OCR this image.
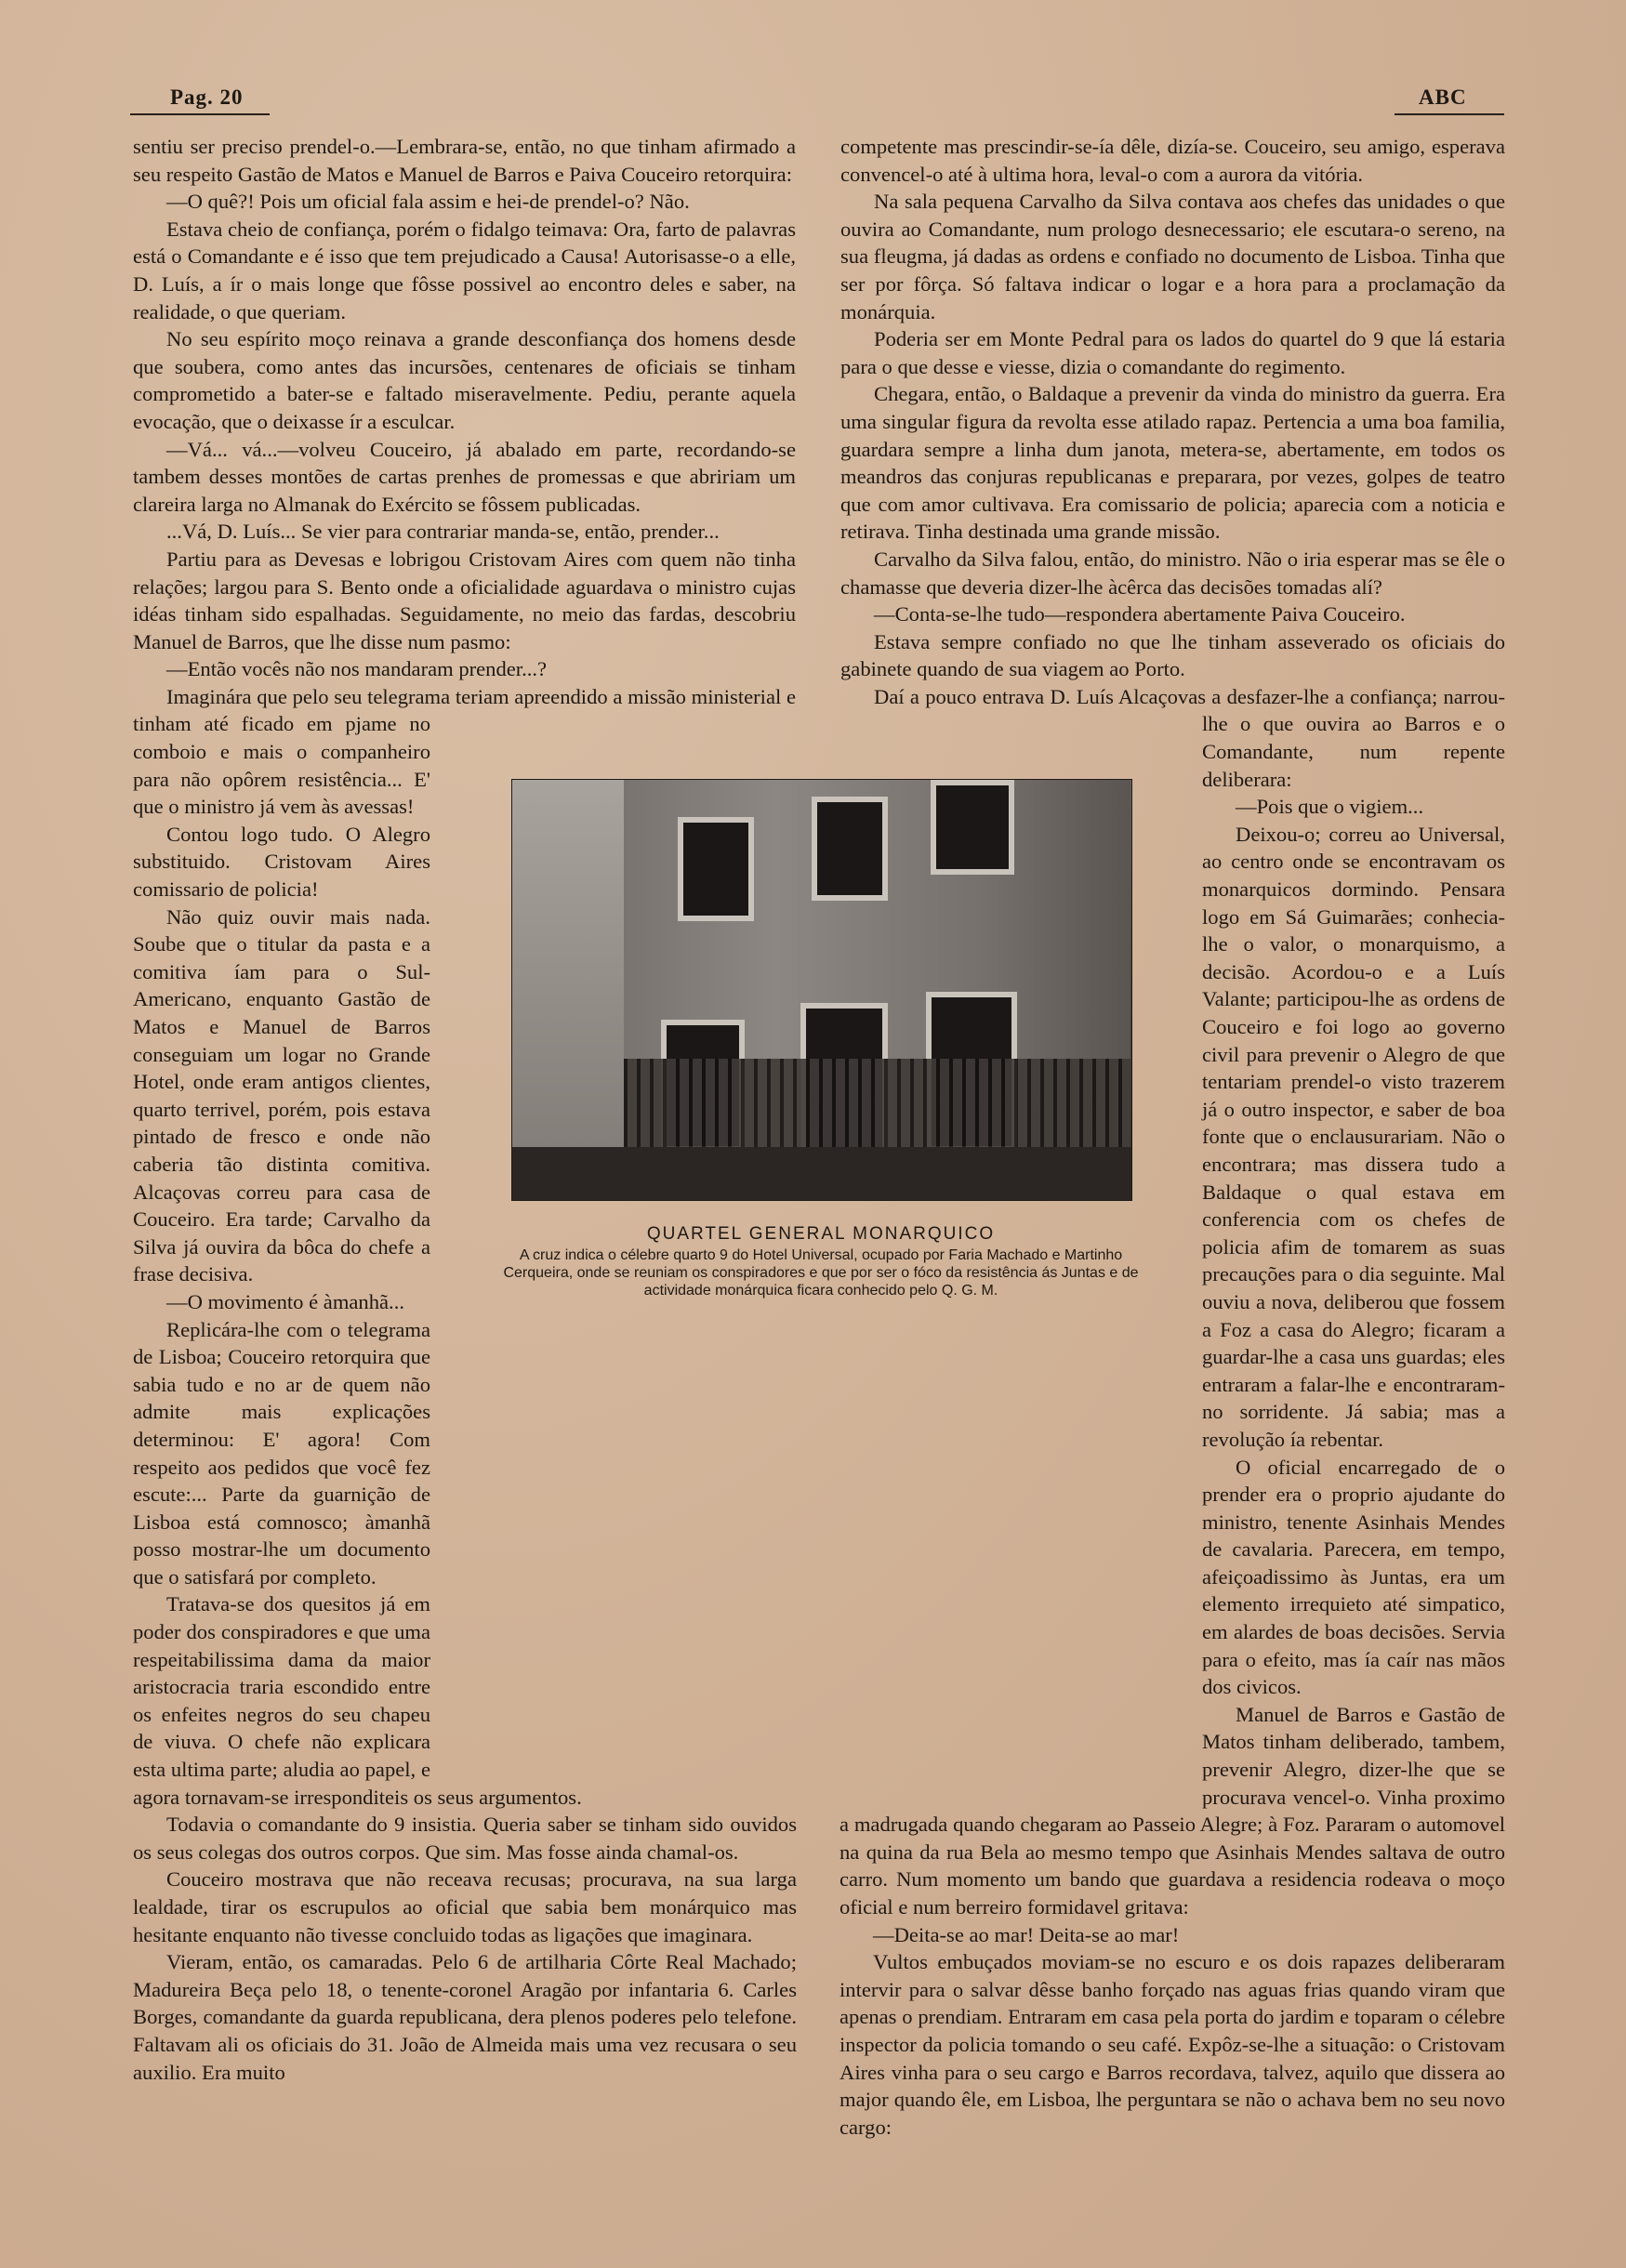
Pag. 20	ABC

sentiu ser preciso prendel-o.—Lembrara-se, então, no que tinham afirmado a seu respeito Gastão de Matos e Manuel de Barros e Paiva Couceiro retorquira:

—O quê?! Pois um oficial fala assim e hei-de prendel-o? Não.

Estava cheio de confiança, porém o fidalgo teimava: Ora, farto de palavras está o Comandante e é isso que tem prejudicado a Causa! Autorisasse-o a elle, D. Luís, a ír o mais longe que fôsse possivel ao encontro deles e saber, na realidade, o que queriam.

No seu espírito moço reinava a grande desconfiança dos homens desde que soubera, como antes das incursões, centenares de oficiais se tinham comprometido a bater-se e faltado miseravelmente. Pediu, perante aquela evocação, que o deixasse ír a esculcar.

—Vá... vá...—volveu Couceiro, já abalado em parte, recordando-se tambem desses montões de cartas prenhes de promessas e que abririam um clareira larga no Almanak do Exército se fôssem publicadas.

...Vá, D. Luís... Se vier para contrariar manda-se, então, prender...

Partiu para as Devesas e lobrigou Cristovam Aires com quem não tinha relações; largou para S. Bento onde a oficialidade aguardava o ministro cujas idéas tinham sido espalhadas. Seguidamente, no meio das fardas, descobriu Manuel de Barros, que lhe disse num pasmo:

—Então vocês não nos mandaram prender...?

Imaginára que pelo seu telegrama teriam apreendido a missão ministerial e tinham até ficado em pjame no comboio e mais o companheiro para não opôrem resistência... E' que o ministro já vem às avessas!

Contou logo tudo. O Alegro substituido. Cristovam Aires comissario de policia!

Não quiz ouvir mais nada. Soube que o titular da pasta e a comitiva íam para o Sul-Americano, enquanto Gastão de Matos e Manuel de Barros conseguiam um logar no Grande Hotel, onde eram antigos clientes, quarto terrivel, porém, pois estava pintado de fresco e onde não caberia tão distinta comitiva. Alcaçovas correu para casa de Couceiro. Era tarde; Carvalho da Silva já ouvira da bôca do chefe a frase decisiva.

—O movimento é àmanhã...

Replicára-lhe com o telegrama de Lisboa; Couceiro retorquira que sabia tudo e no ar de quem não admite mais explicações determinou: E' agora! Com respeito aos pedidos que você fez escute:... Parte da guarnição de Lisboa está comnosco; àmanhã posso mostrar-lhe um documento que o satisfará por completo.

Tratava-se dos quesitos já em poder dos conspiradores e que uma respeitabilissima dama da maior aristocracia traria escondido entre os enfeites negros do seu chapeu de viuva. O chefe não explicara esta ultima parte; aludia ao papel, e agora tornavam-se irresponditeis os seus argumentos.

Todavia o comandante do 9 insistia. Queria saber se tinham sido ouvidos os seus colegas dos outros corpos. Que sim. Mas fosse ainda chamal-os.

Couceiro mostrava que não receava recusas; procurava, na sua larga lealdade, tirar os escrupulos ao oficial que sabia bem monárquico mas hesitante enquanto não tivesse concluido todas as ligações que imaginara.

Vieram, então, os camaradas. Pelo 6 de artilharia Côrte Real Machado; Madureira Beça pelo 18, o tenente-coronel Aragão por infantaria 6. Carles Borges, comandante da guarda republicana, dera plenos poderes pelo telefone. Faltavam ali os oficiais do 31. João de Almeida mais uma vez recusara o seu auxilio. Era muito

competente mas prescindir-se-ía dêle, dizía-se. Couceiro, seu amigo, esperava convencel-o até à ultima hora, leval-o com a aurora da vitória.

Na sala pequena Carvalho da Silva contava aos chefes das unidades o que ouvira ao Comandante, num prologo desnecessario; ele escutara-o sereno, na sua fleugma, já dadas as ordens e confiado no documento de Lisboa. Tinha que ser por fôrça. Só faltava indicar o logar e a hora para a proclamação da monárquia.

Poderia ser em Monte Pedral para os lados do quartel do 9 que lá estaria para o que desse e viesse, dizia o comandante do regimento.

Chegara, então, o Baldaque a prevenir da vinda do ministro da guerra. Era uma singular figura da revolta esse atilado rapaz. Pertencia a uma boa familia, guardara sempre a linha dum janota, metera-se, abertamente, em todos os meandros das conjuras republicanas e preparara, por vezes, golpes de teatro que com amor cultivava. Era comissario de policia; aparecia com a noticia e retirava. Tinha destinada uma grande missão.

Carvalho da Silva falou, então, do ministro. Não o iria esperar mas se êle o chamasse que deveria dizer-lhe àcêrca das decisões tomadas alí?

—Conta-se-lhe tudo—respondera abertamente Paiva Couceiro.

Estava sempre confiado no que lhe tinham asseverado os oficiais do gabinete quando de sua viagem ao Porto.

Daí a pouco entrava D. Luís Alcaçovas a desfazer-lhe a confiança; narrou-lhe o que ouvira ao Barros e o Comandante, num repente deliberara:

—Pois que o vigiem...

Deixou-o; correu ao Universal, ao centro onde se encontravam os monarquicos dormindo. Pensara logo em Sá Guimarães; conhecia-lhe o valor, o monarquismo, a decisão. Acordou-o e a Luís Valante; participou-lhe as ordens de Couceiro e foi logo ao governo civil para prevenir o Alegro de que tentariam prendel-o visto trazerem já o outro inspector, e saber de boa fonte que o enclausurariam. Não o encontrara; mas dissera tudo a Baldaque o qual estava em conferencia com os chefes de policia afim de tomarem as suas precauções para o dia seguinte. Mal ouviu a nova, deliberou que fossem a Foz a casa do Alegro; ficaram a guardar-lhe a casa uns guardas; eles entraram a falar-lhe e encontraram-no sorridente. Já sabia; mas a revolução ía rebentar.

O oficial encarregado de o prender era o proprio ajudante do ministro, tenente Asinhais Mendes de cavalaria. Parecera, em tempo, afeiçoadissimo às Juntas, era um elemento irrequieto até simpatico, em alardes de boas decisões. Servia para o efeito, mas ía caír nas mãos dos civicos.

Manuel de Barros e Gastão de Matos tinham deliberado, tambem, prevenir Alegro, dizer-lhe que se procurava vencel-o. Vinha proximo a madrugada quando chegaram ao Passeio Alegre; à Foz. Pararam o automovel na quina da rua Bela ao mesmo tempo que Asinhais Mendes saltava de outro carro. Num momento um bando que guardava a residencia rodeava o moço oficial e num berreiro formidavel gritava:

—Deita-se ao mar! Deita-se ao mar!

Vultos embuçados moviam-se no escuro e os dois rapazes deliberaram intervir para o salvar dêsse banho forçado nas aguas frias quando viram que apenas o prendiam. Entraram em casa pela porta do jardim e toparam o célebre inspector da policia tomando o seu café. Expôz-se-lhe a situação: o Cristovam Aires vinha para o seu cargo e Barros recordava, talvez, aquilo que dissera ao major quando êle, em Lisboa, lhe perguntara se não o achava bem no seu novo cargo:

QUARTEL GENERAL MONARQUICO
A cruz indica o célebre quarto 9 do Hotel Universal, ocupado por Faria Machado e Martinho Cerqueira, onde se reuniam os conspiradores e que por ser o fóco da resistência ás Juntas e de actividade monárquica ficara conhecido pelo Q. G. M.
